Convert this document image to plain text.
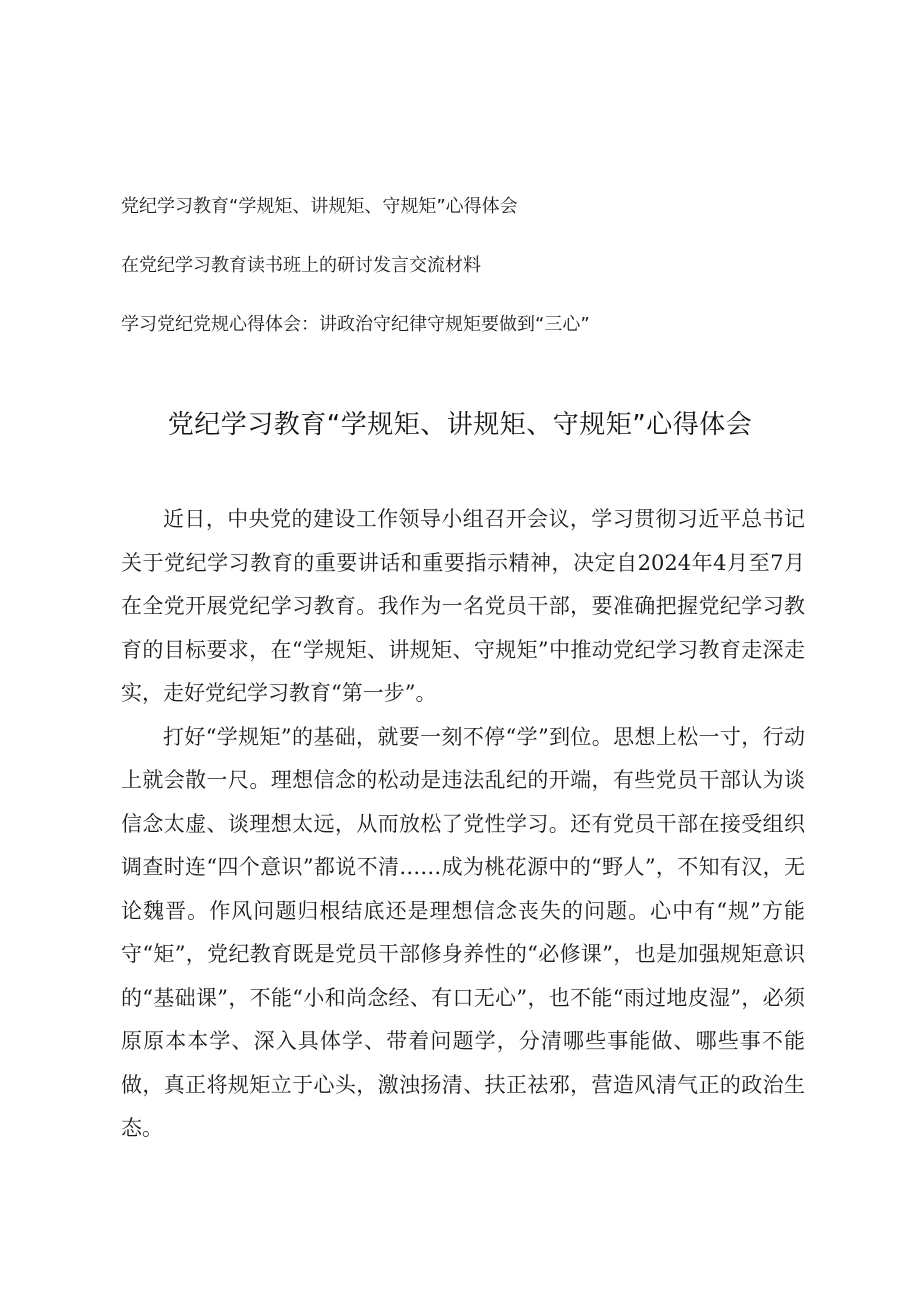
党纪学习教育“学规矩、讲规矩、守规矩”心得体会
在党纪学习教育读书班上的研讨发言交流材料
学习党纪党规心得体会：讲政治守纪律守规矩要做到“三心”
党纪学习教育“学规矩、讲规矩、守规矩”心得体会

近日，中央党的建设工作领导小组召开会议，学习贯彻习近平总书记关于党纪学习教育的重要讲话和重要指示精神，决定自2024年4月至7月在全党开展党纪学习教育。我作为一名党员干部，要准确把握党纪学习教育的目标要求，在“学规矩、讲规矩、守规矩”中推动党纪学习教育走深走实，走好党纪学习教育“第一步”。

打好“学规矩”的基础，就要一刻不停“学”到位。思想上松一寸，行动上就会散一尺。理想信念的松动是违法乱纪的开端，有些党员干部认为谈信念太虚、谈理想太远，从而放松了党性学习。还有党员干部在接受组织调查时连“四个意识”都说不清……成为桃花源中的“野人”，不知有汉，无论魏晋。作风问题归根结底还是理想信念丧失的问题。心中有“规”方能守“矩”，党纪教育既是党员干部修身养性的“必修课”，也是加强规矩意识的“基础课”，不能“小和尚念经、有口无心”，也不能“雨过地皮湿”，必须原原本本学、深入具体学、带着问题学，分清哪些事能做、哪些事不能做，真正将规矩立于心头，激浊扬清、扶正祛邪，营造风清气正的政治生态。
